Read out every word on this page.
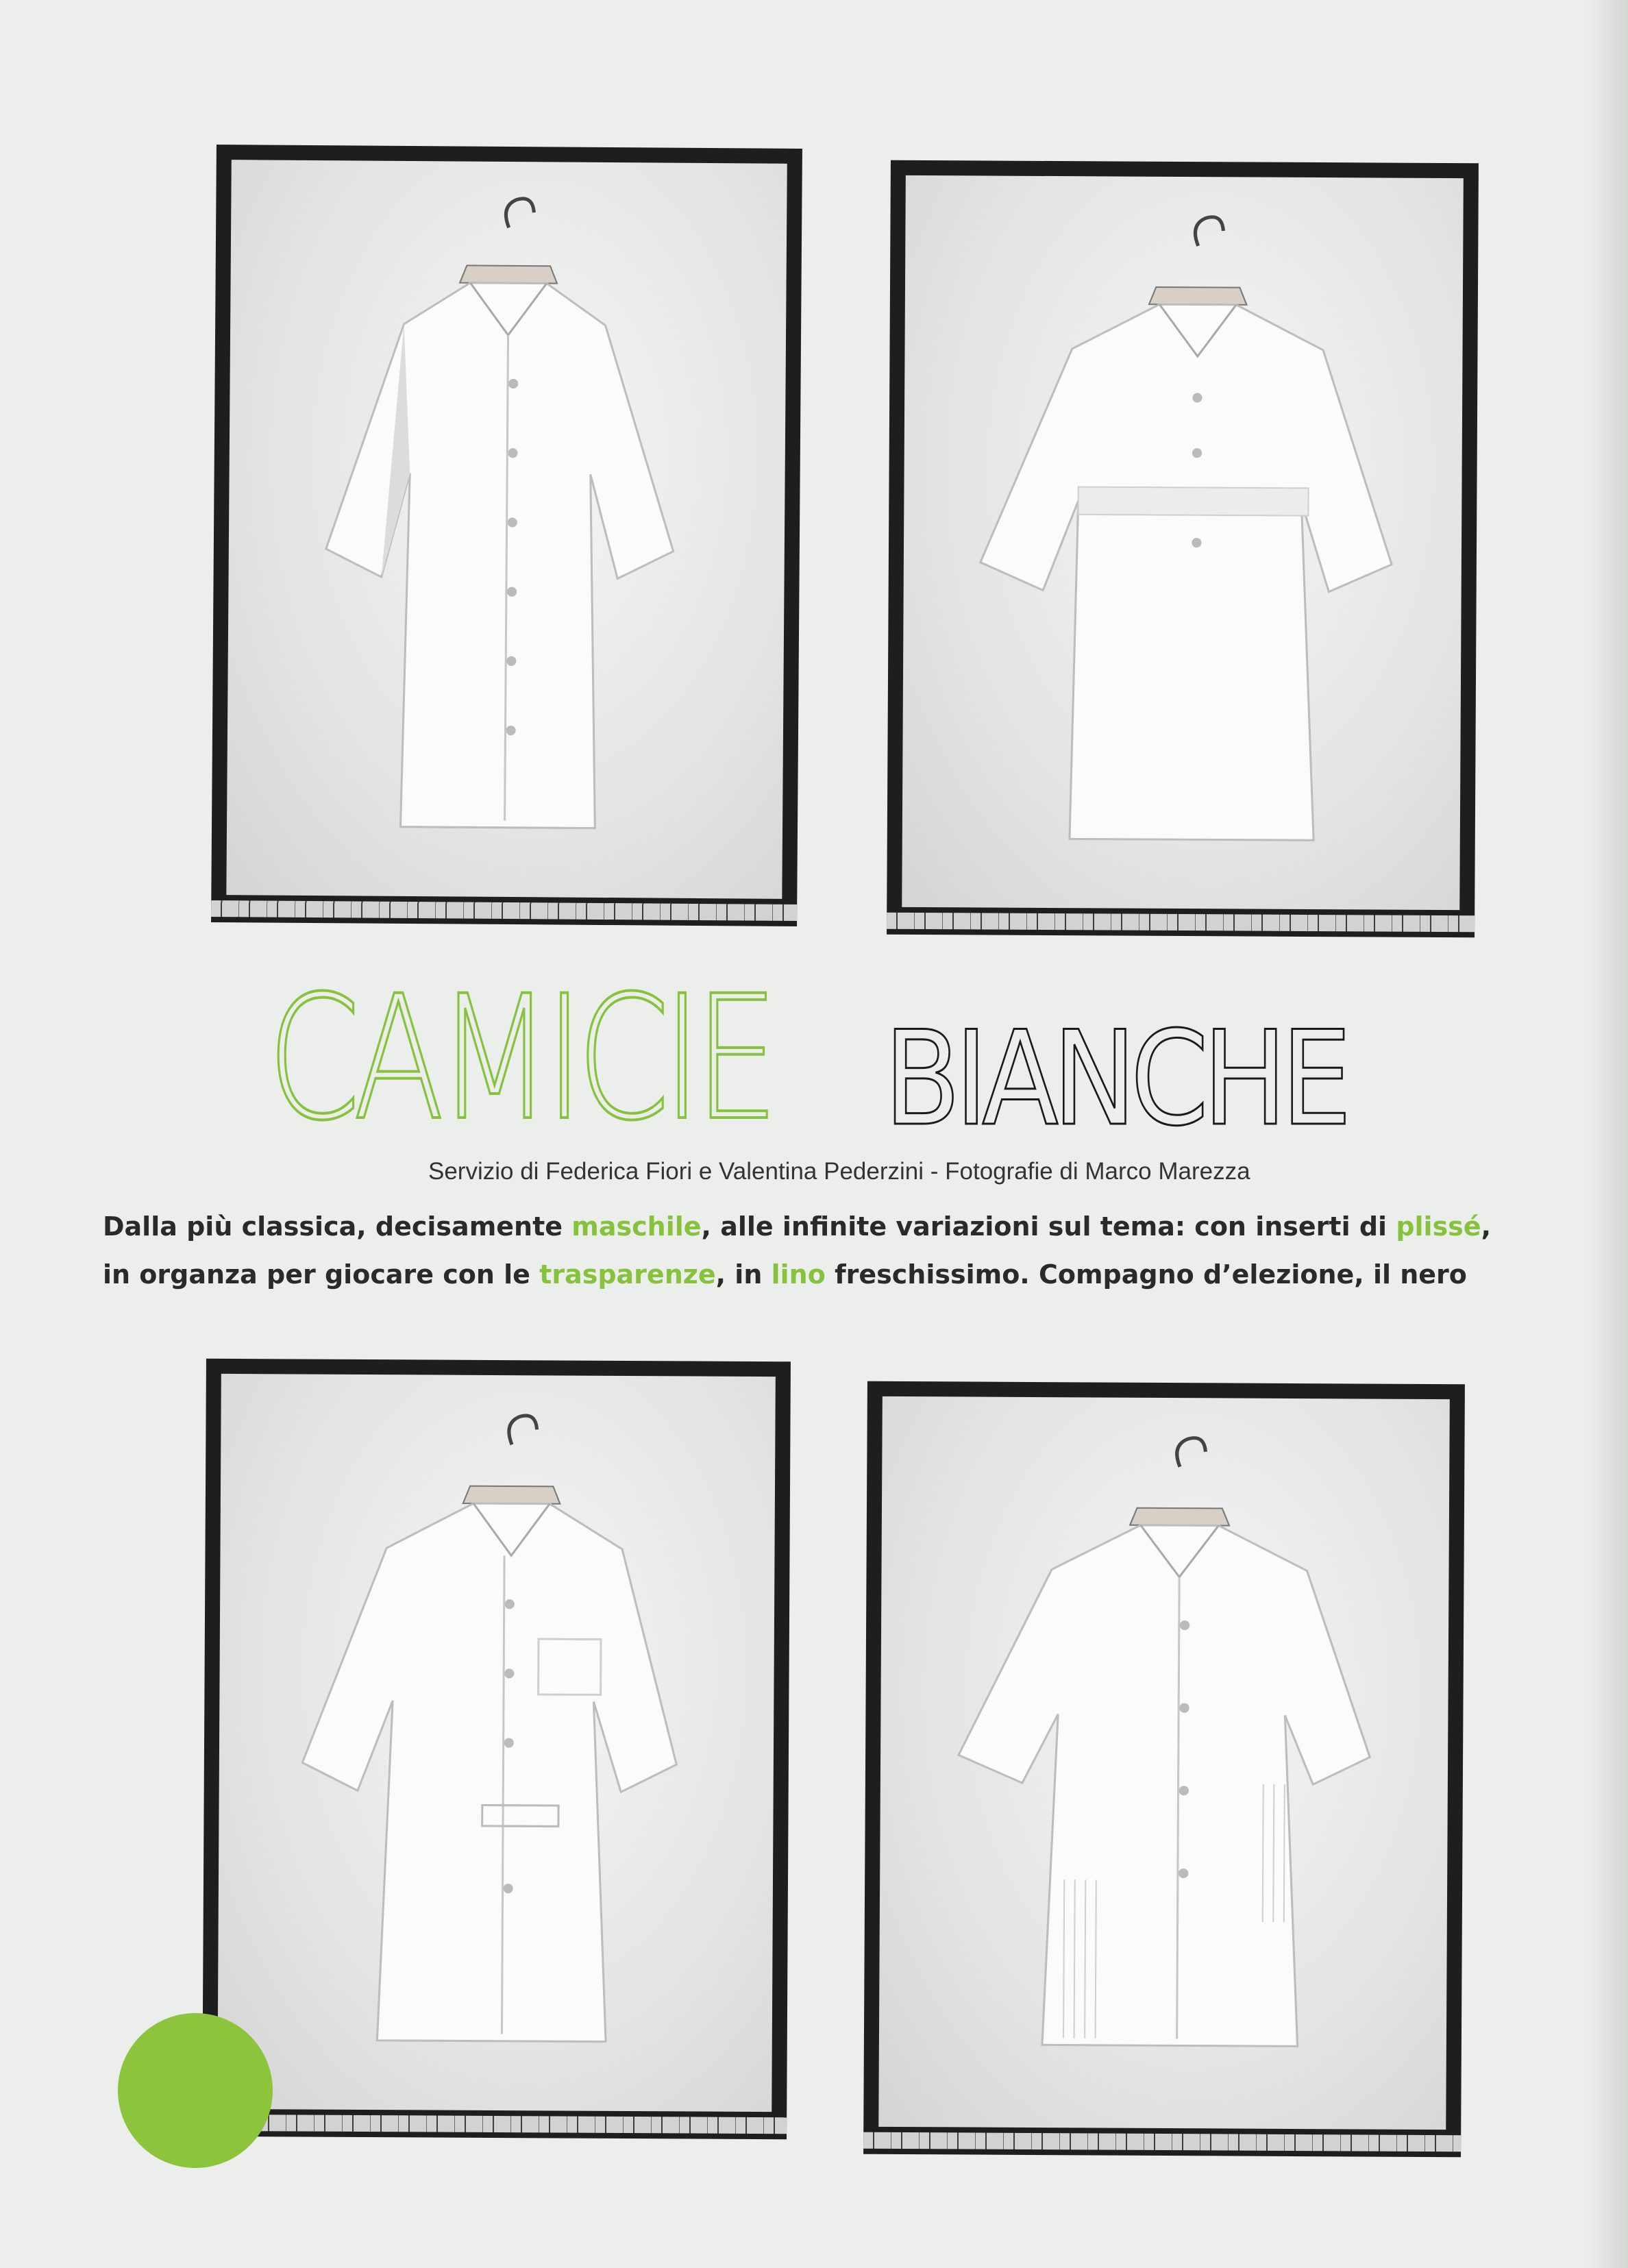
CAMICIE BIANCHE
Servizio di Federica Fiori e Valentina Pederzini - Fotografie di Marco Marezza
Dalla più classica, decisamente maschile, alle infinite variazioni sul tema: con inserti di plissé,
in organza per giocare con le trasparenze, in lino freschissimo. Compagno d’elezione, il nero
